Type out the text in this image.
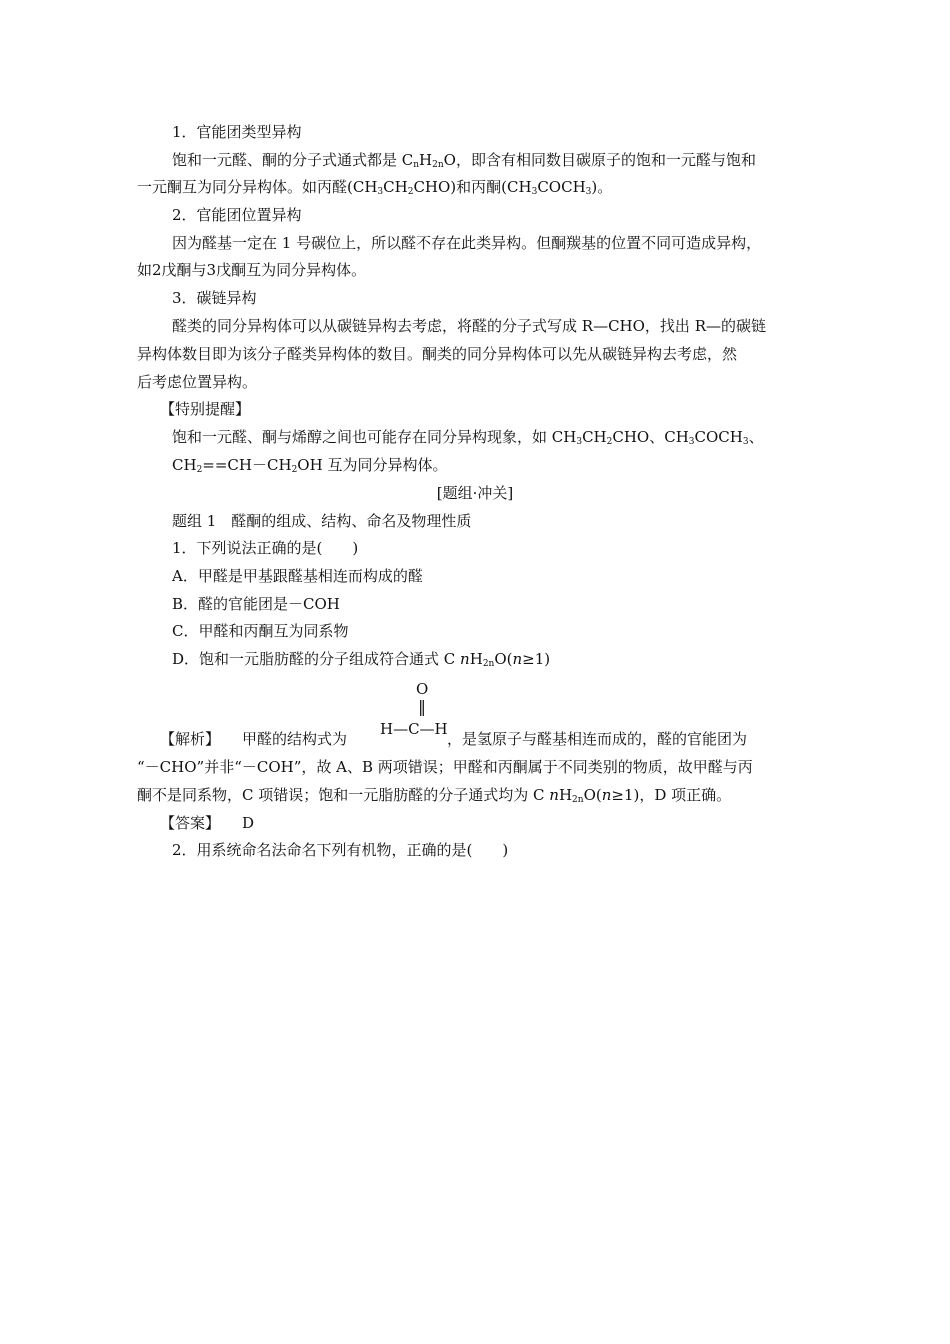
1．官能团类型异构
饱和一元醛、酮的分子式通式都是 $C_nH_{2n}O$，即含有相同数目碳原子的饱和一元醛与饱和
一元酮互为同分异构体。如丙醛$(CH_3CH_2CHO)$和丙酮$(CH_3COCH_3)$。
2．官能团位置异构
因为醛基一定在 1 号碳位上，所以醛不存在此类异构。但酮羰基的位置不同可造成异构，
如2戊酮与3戊酮互为同分异构体。
3．碳链异构
醛类的同分异构体可以从碳链异构去考虑，将醛的分子式写成 R—CHO，找出 R—的碳链
异构体数目即为该分子醛类异构体的数目。酮类的同分异构体可以先从碳链异构去考虑，然
后考虑位置异构。
【特别提醒】
饱和一元醛、酮与烯醇之间也可能存在同分异构现象，如 $CH_3CH_2CHO$、$CH_3COCH_3$、
$CH_2==CH-CH_2OH$ 互为同分异构体。
[题组·冲关]
题组 1　醛酮的组成、结构、命名及物理性质
1．下列说法正确的是(　　)
A．甲醛是甲基跟醛基相连而构成的醛
B．醛的官能团是－COH
C．甲醛和丙酮互为同系物
D．饱和一元脂肪醛的分子组成符合通式 C $nH_{2n}O(n\ge 1)$
O
‖
H—C—H
【解析】 甲醛的结构式为	，是氢原子与醛基相连而成的，醛的官能团为
“－CHO”并非“－COH”，故 A、B 两项错误；甲醛和丙酮属于不同类别的物质，故甲醛与丙
酮不是同系物，C 项错误；饱和一元脂肪醛的分子通式均为 C $nH_{2n}O(n\ge 1)$，D 项正确。
【答案】 D
2．用系统命名法命名下列有机物，正确的是(　　)
